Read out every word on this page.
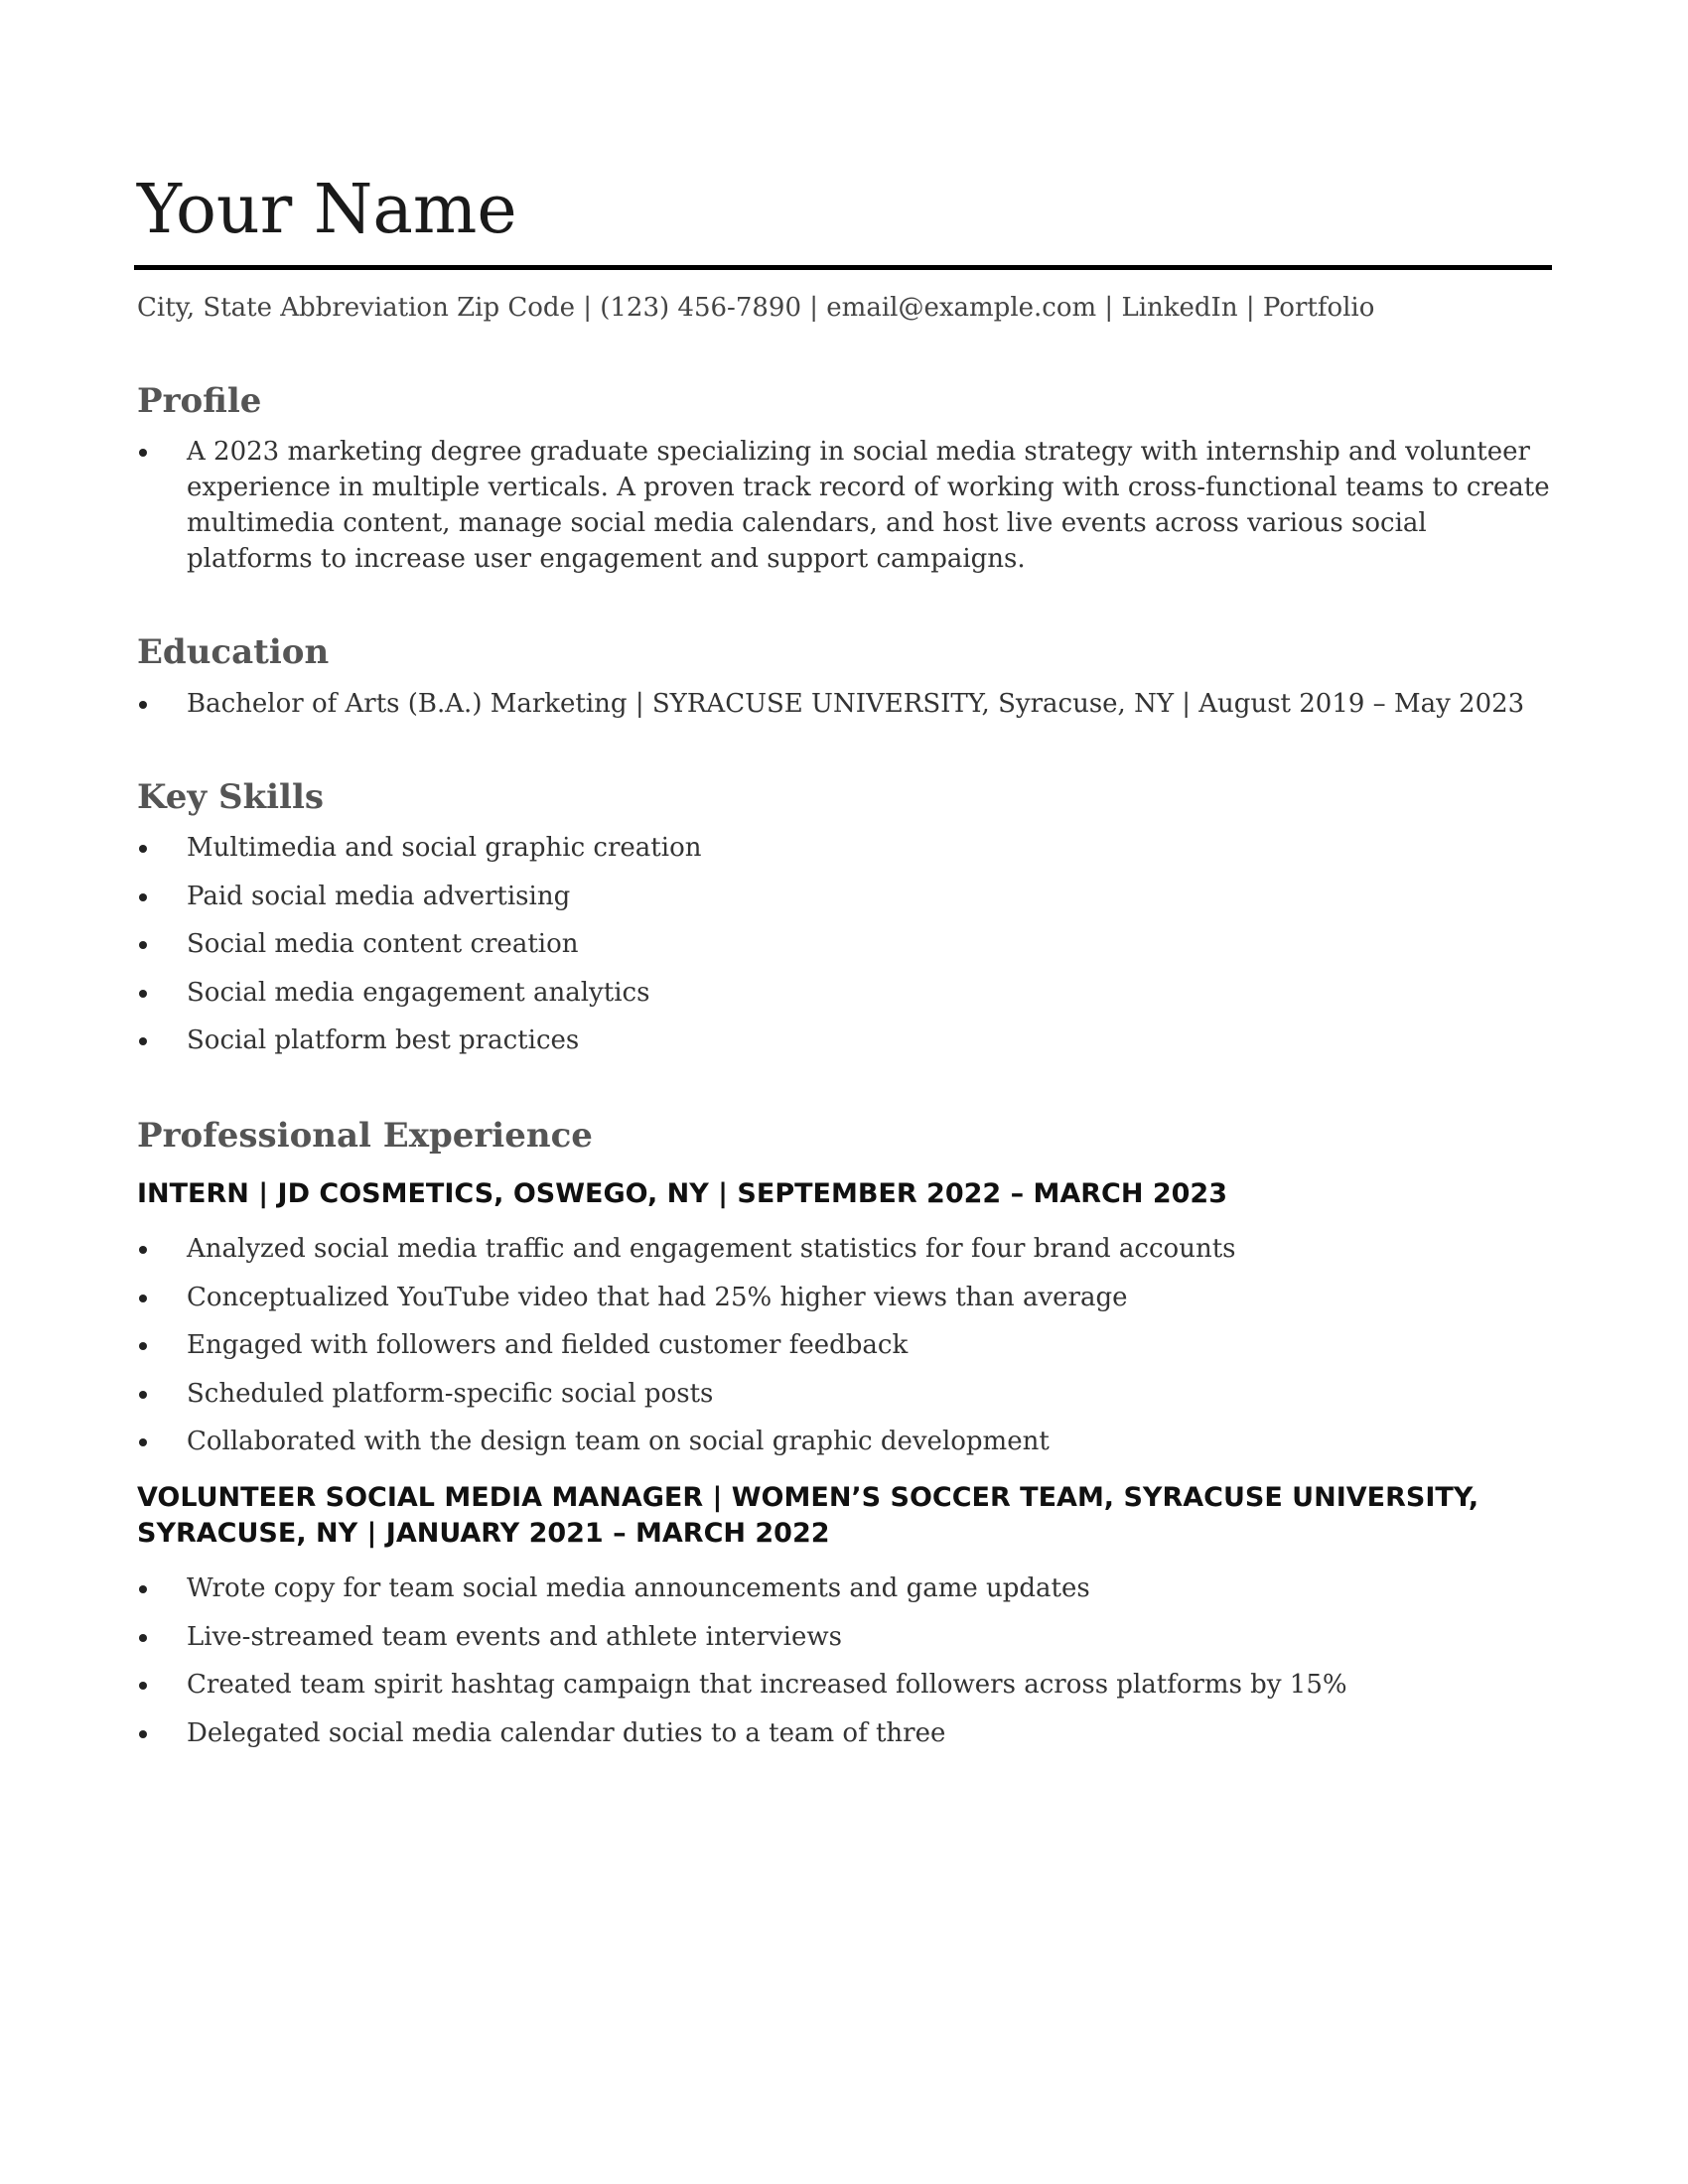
Your Name
City, State Abbreviation Zip Code | (123) 456-7890 | email@example.com | LinkedIn | Portfolio
Profile
A 2023 marketing degree graduate specializing in social media strategy with internship and volunteer experience in multiple verticals. A proven track record of working with cross-functional teams to create multimedia content, manage social media calendars, and host live events across various social platforms to increase user engagement and support campaigns.
Education
Bachelor of Arts (B.A.) Marketing | SYRACUSE UNIVERSITY, Syracuse, NY | August 2019 – May 2023
Key Skills
Multimedia and social graphic creation
Paid social media advertising
Social media content creation
Social media engagement analytics
Social platform best practices
Professional Experience
INTERN | JD COSMETICS, OSWEGO, NY | SEPTEMBER 2022 – MARCH 2023
Analyzed social media traffic and engagement statistics for four brand accounts
Conceptualized YouTube video that had 25% higher views than average
Engaged with followers and fielded customer feedback
Scheduled platform-specific social posts
Collaborated with the design team on social graphic development
VOLUNTEER SOCIAL MEDIA MANAGER | WOMEN’S SOCCER TEAM, SYRACUSE UNIVERSITY, SYRACUSE, NY | JANUARY 2021 – MARCH 2022
Wrote copy for team social media announcements and game updates
Live-streamed team events and athlete interviews
Created team spirit hashtag campaign that increased followers across platforms by 15%
Delegated social media calendar duties to a team of three
